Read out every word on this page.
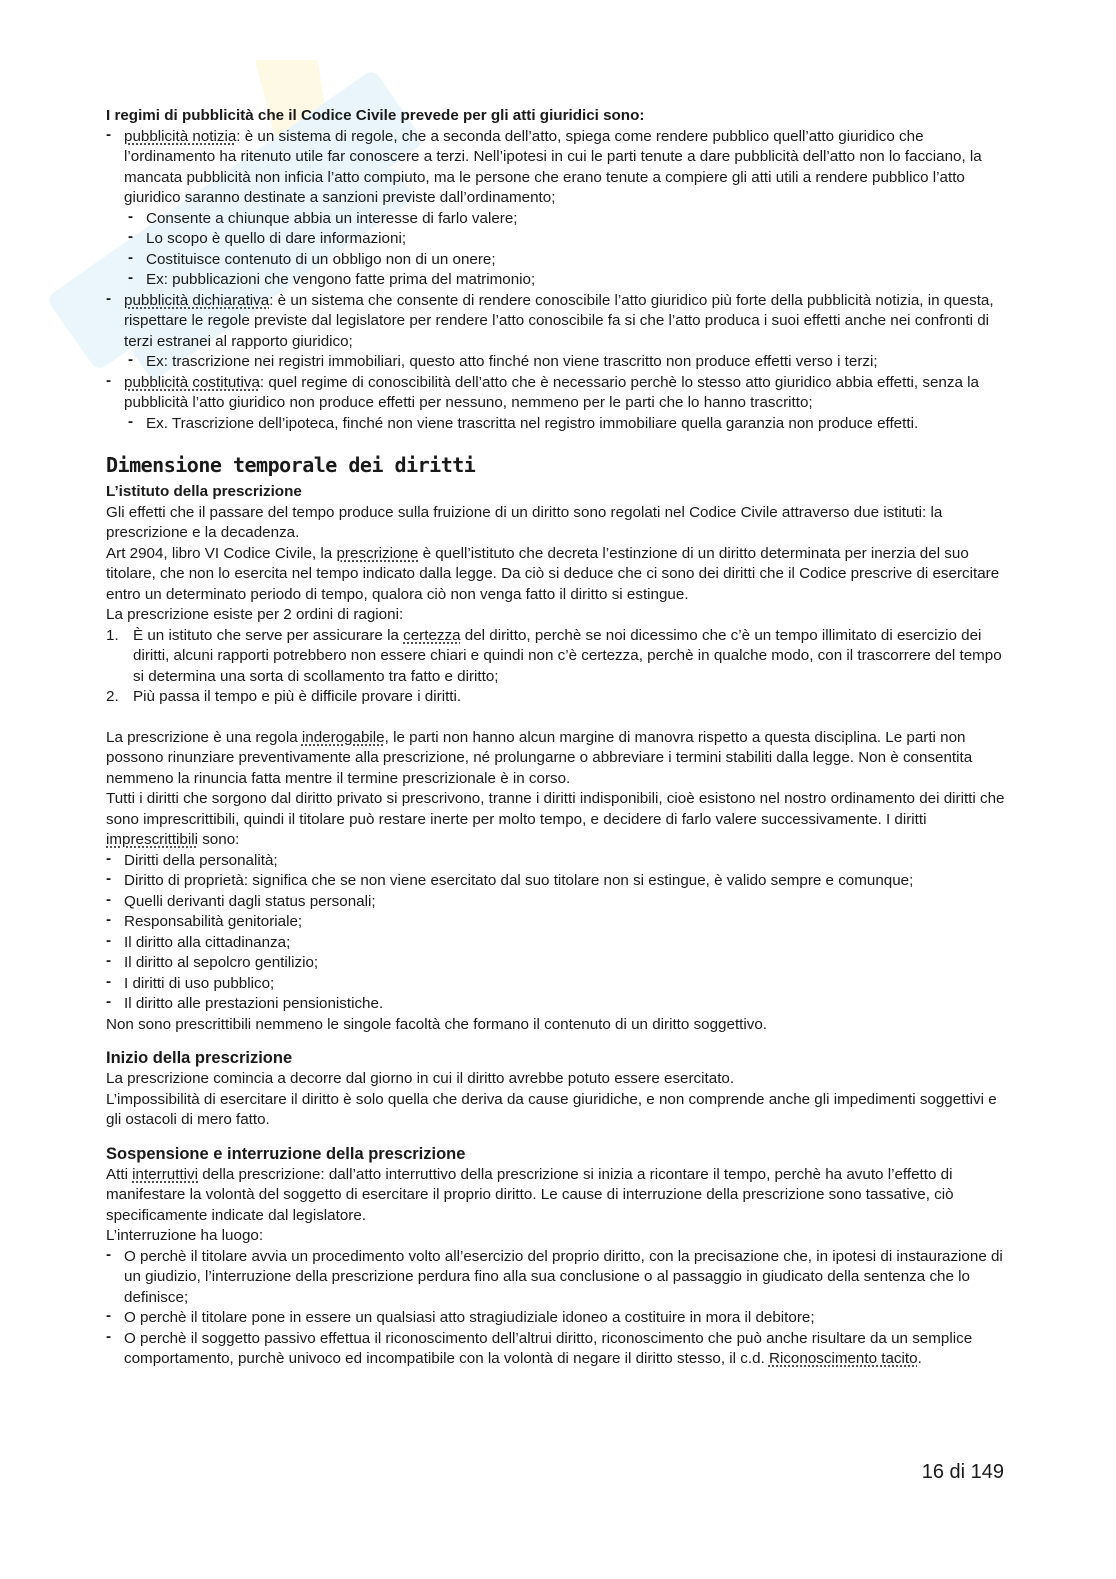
I regimi di pubblicità che il Codice Civile prevede per gli atti giuridici sono:

‐ pubblicità notizia: è un sistema di regole, che a seconda dell’atto, spiega come rendere pubblico quell’atto giuridico che l’ordinamento ha ritenuto utile far conoscere a terzi. Nell’ipotesi in cui le parti tenute a dare pubblicità dell’atto non lo facciano, la mancata pubblicità non inficia l’atto compiuto, ma le persone che erano tenute a compiere gli atti utili a rendere pubblico l’atto giuridico saranno destinate a sanzioni previste dall’ordinamento;
‐ Consente a chiunque abbia un interesse di farlo valere;
‐ Lo scopo è quello di dare informazioni;
‐ Costituisce contenuto di un obbligo non di un onere;
‐ Ex: pubblicazioni che vengono fatte prima del matrimonio;
‐ pubblicità dichiarativa: è un sistema che consente di rendere conoscibile l’atto giuridico più forte della pubblicità notizia, in questa, rispettare le regole previste dal legislatore per rendere l’atto conoscibile fa si che l’atto produca i suoi effetti anche nei confronti di terzi estranei al rapporto giuridico;
‐ Ex: trascrizione nei registri immobiliari, questo atto finché non viene trascritto non produce effetti verso i terzi;
‐ pubblicità costitutiva: quel regime di conoscibilità dell’atto che è necessario perchè lo stesso atto giuridico abbia effetti, senza la pubblicità l’atto giuridico non produce effetti per nessuno, nemmeno per le parti che lo hanno trascritto;
‐ Ex. Trascrizione dell’ipoteca, finché non viene trascritta nel registro immobiliare quella garanzia non produce effetti.
Dimensione temporale dei diritti

L’istituto della prescrizione

Gli effetti che il passare del tempo produce sulla fruizione di un diritto sono regolati nel Codice Civile attraverso due istituti: la prescrizione e la decadenza.

Art 2904, libro VI Codice Civile, la prescrizione è quell’istituto che decreta l’estinzione di un diritto determinata per inerzia del suo titolare, che non lo esercita nel tempo indicato dalla legge. Da ciò si deduce che ci sono dei diritti che il Codice prescrive di esercitare entro un determinato periodo di tempo, qualora ciò non venga fatto il diritto si estingue.

La prescrizione esiste per 2 ordini di ragioni:

1. È un istituto che serve per assicurare la certezza del diritto, perchè se noi dicessimo che c’è un tempo illimitato di esercizio dei diritti, alcuni rapporti potrebbero non essere chiari e quindi non c’è certezza, perchè in qualche modo, con il trascorrere del tempo si determina una sorta di scollamento tra fatto e diritto;
2. Più passa il tempo e più è difficile provare i diritti.

La prescrizione è una regola inderogabile, le parti non hanno alcun margine di manovra rispetto a questa disciplina. Le parti non possono rinunziare preventivamente alla prescrizione, né prolungarne o abbreviare i termini stabiliti dalla legge. Non è consentita nemmeno la rinuncia fatta mentre il termine prescrizionale è in corso.

Tutti i diritti che sorgono dal diritto privato si prescrivono, tranne i diritti indisponibili, cioè esistono nel nostro ordinamento dei diritti che sono imprescrittibili, quindi il titolare può restare inerte per molto tempo, e decidere di farlo valere successivamente. I diritti imprescrittibili sono:

‐ Diritti della personalità;
‐ Diritto di proprietà: significa che se non viene esercitato dal suo titolare non si estingue, è valido sempre e comunque;
‐ Quelli derivanti dagli status personali;
‐ Responsabilità genitoriale;
‐ Il diritto alla cittadinanza;
‐ Il diritto al sepolcro gentilizio;
‐ I diritti di uso pubblico;
‐ Il diritto alle prestazioni pensionistiche.

Non sono prescrittibili nemmeno le singole facoltà che formano il contenuto di un diritto soggettivo.

Inizio della prescrizione

La prescrizione comincia a decorre dal giorno in cui il diritto avrebbe potuto essere esercitato.

L’impossibilità di esercitare il diritto è solo quella che deriva da cause giuridiche, e non comprende anche gli impedimenti soggettivi e gli ostacoli di mero fatto.

Sospensione e interruzione della prescrizione

Atti interruttivi della prescrizione: dall’atto interruttivo della prescrizione si inizia a ricontare il tempo, perchè ha avuto l’effetto di manifestare la volontà del soggetto di esercitare il proprio diritto. Le cause di interruzione della prescrizione sono tassative, ciò specificamente indicate dal legislatore.

L’interruzione ha luogo:

‐ O perchè il titolare avvia un procedimento volto all’esercizio del proprio diritto, con la precisazione che, in ipotesi di instaurazione di un giudizio, l’interruzione della prescrizione perdura fino alla sua conclusione o al passaggio in giudicato della sentenza che lo definisce;
‐ O perchè il titolare pone in essere un qualsiasi atto stragiudiziale idoneo a costituire in mora il debitore;
‐ O perchè il soggetto passivo effettua il riconoscimento dell’altrui diritto, riconoscimento che può anche risultare da un semplice comportamento, purchè univoco ed incompatibile con la volontà di negare il diritto stesso, il c.d. Riconoscimento tacito.
16 di 149
